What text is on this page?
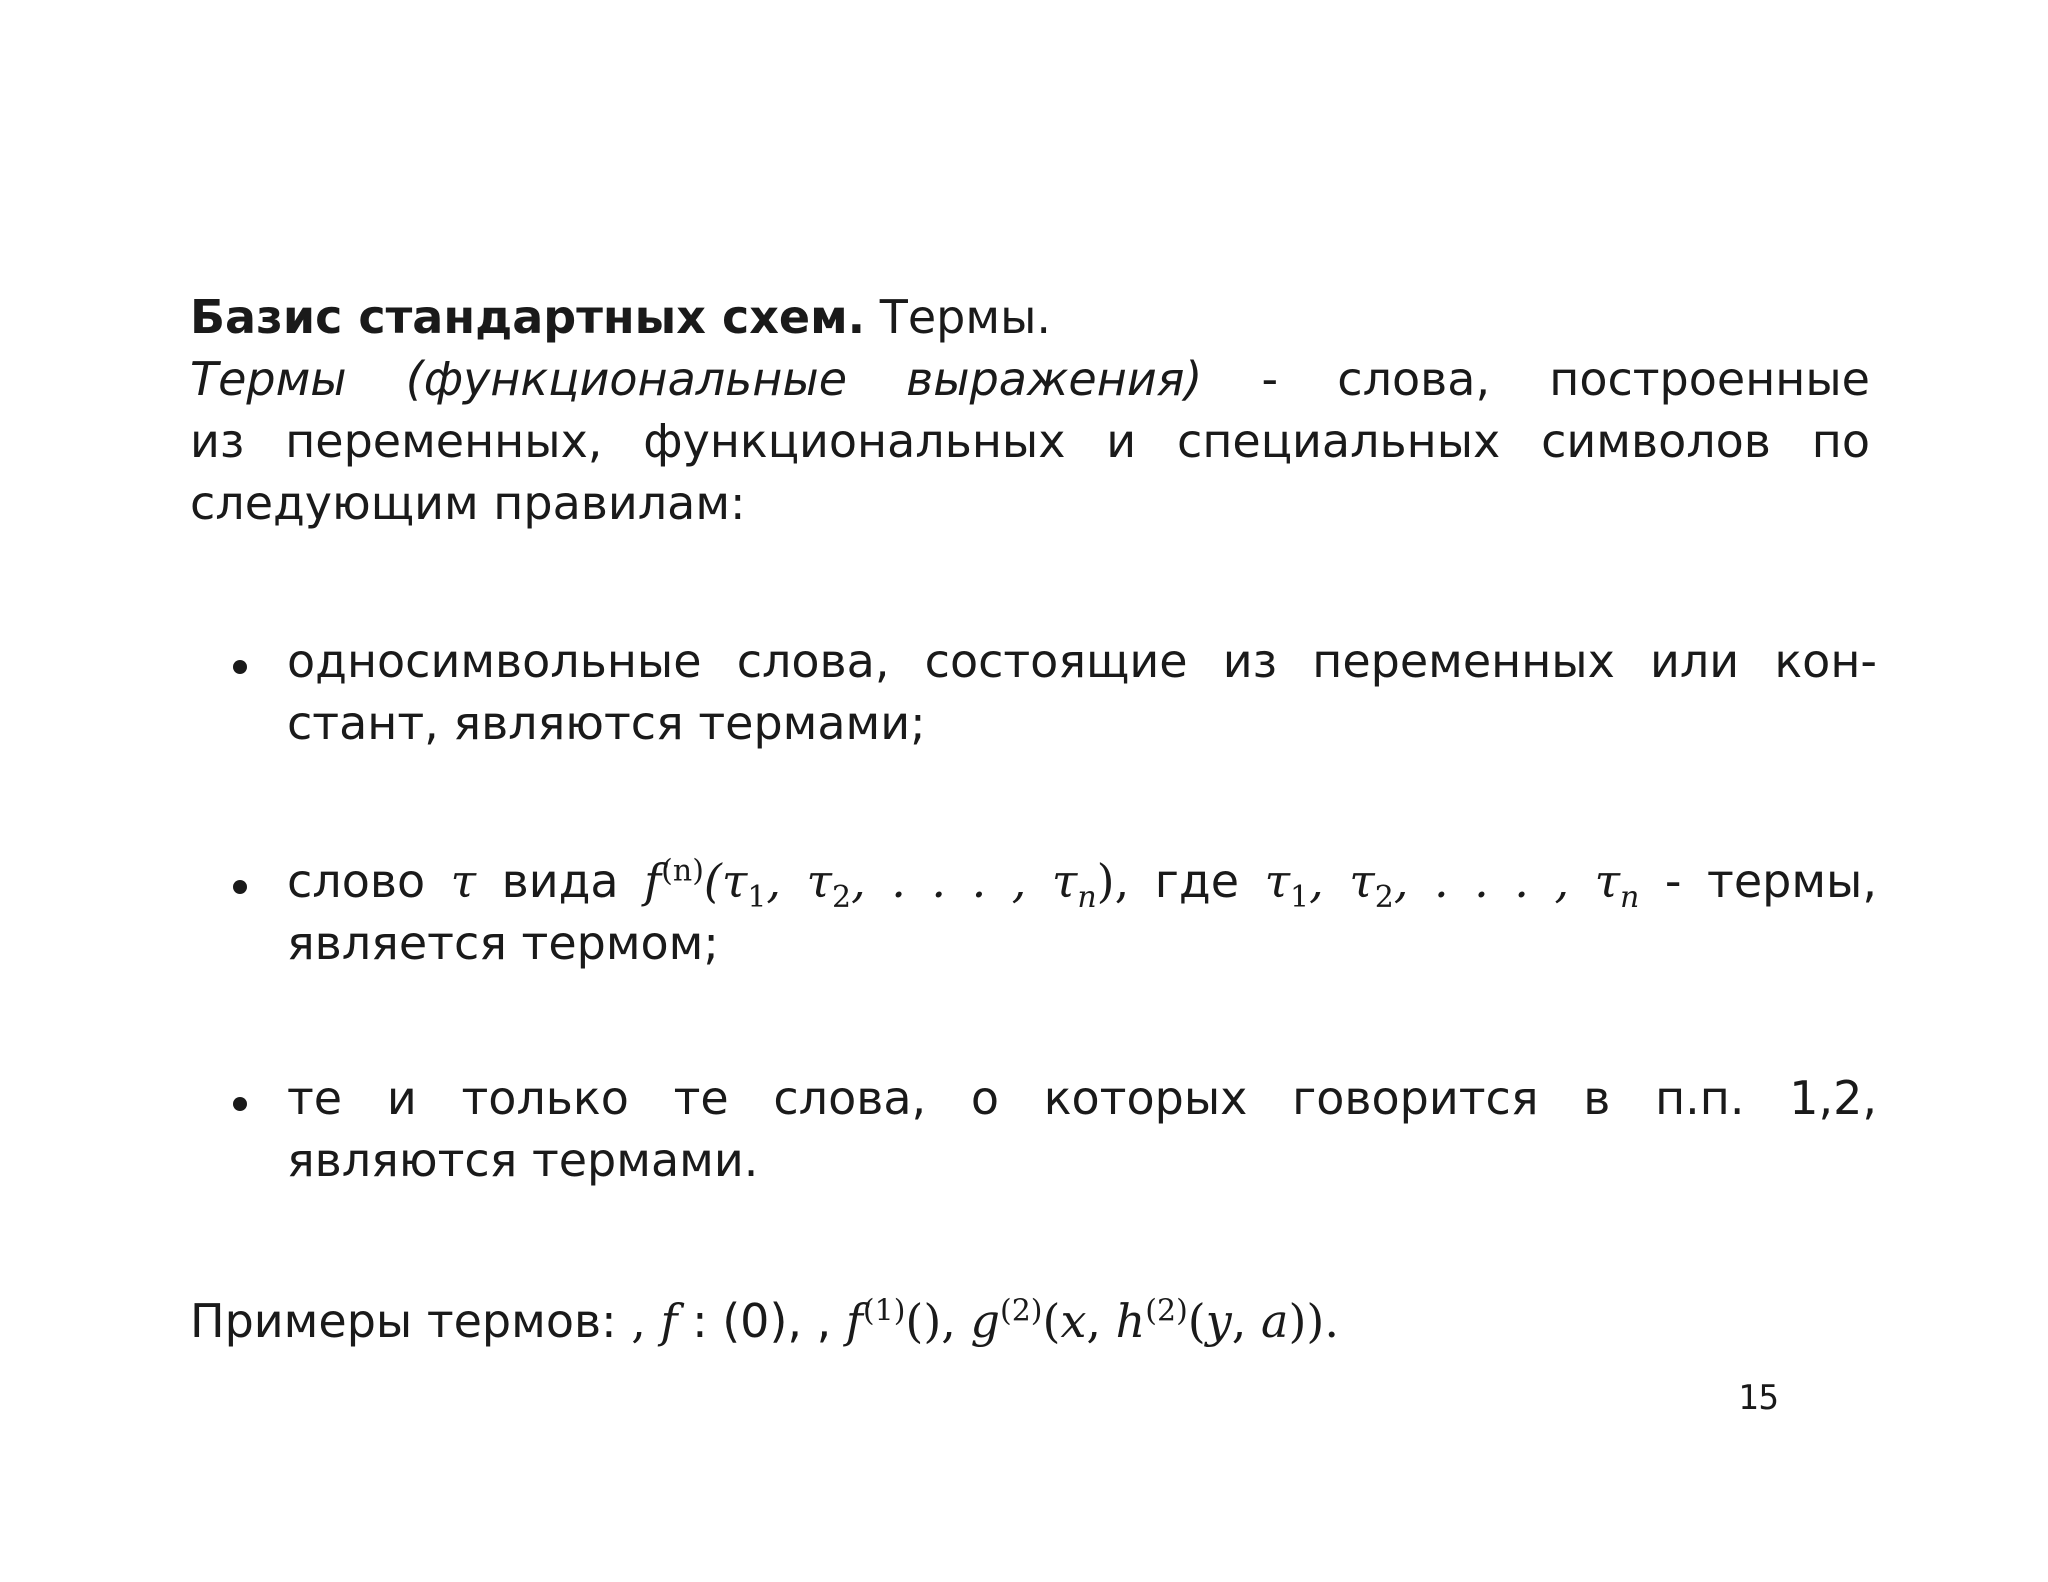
Базис стандартных схем. Термы.
Термы (функциональные выражения) - слова, построенные
из переменных, функциональных и специальных символов по
следующим правилам:
односимвольные слова, состоящие из переменных или кон-
стант, являются термами;
слово τ вида $f^{(n)}(\tau_1$, $\tau_2$, . . . , $\tau_n$), где $\tau_1$, $\tau_2$, . . . , $\tau_n$ - термы,
является термом;
те и только те слова, о которых говорится в п.п. 1,2,
являются термами.
Примеры термов: , f : (0), , $f^{(1)}()$, $g^{(2)}(x$, $h^{(2)}(y$, a)).
15
